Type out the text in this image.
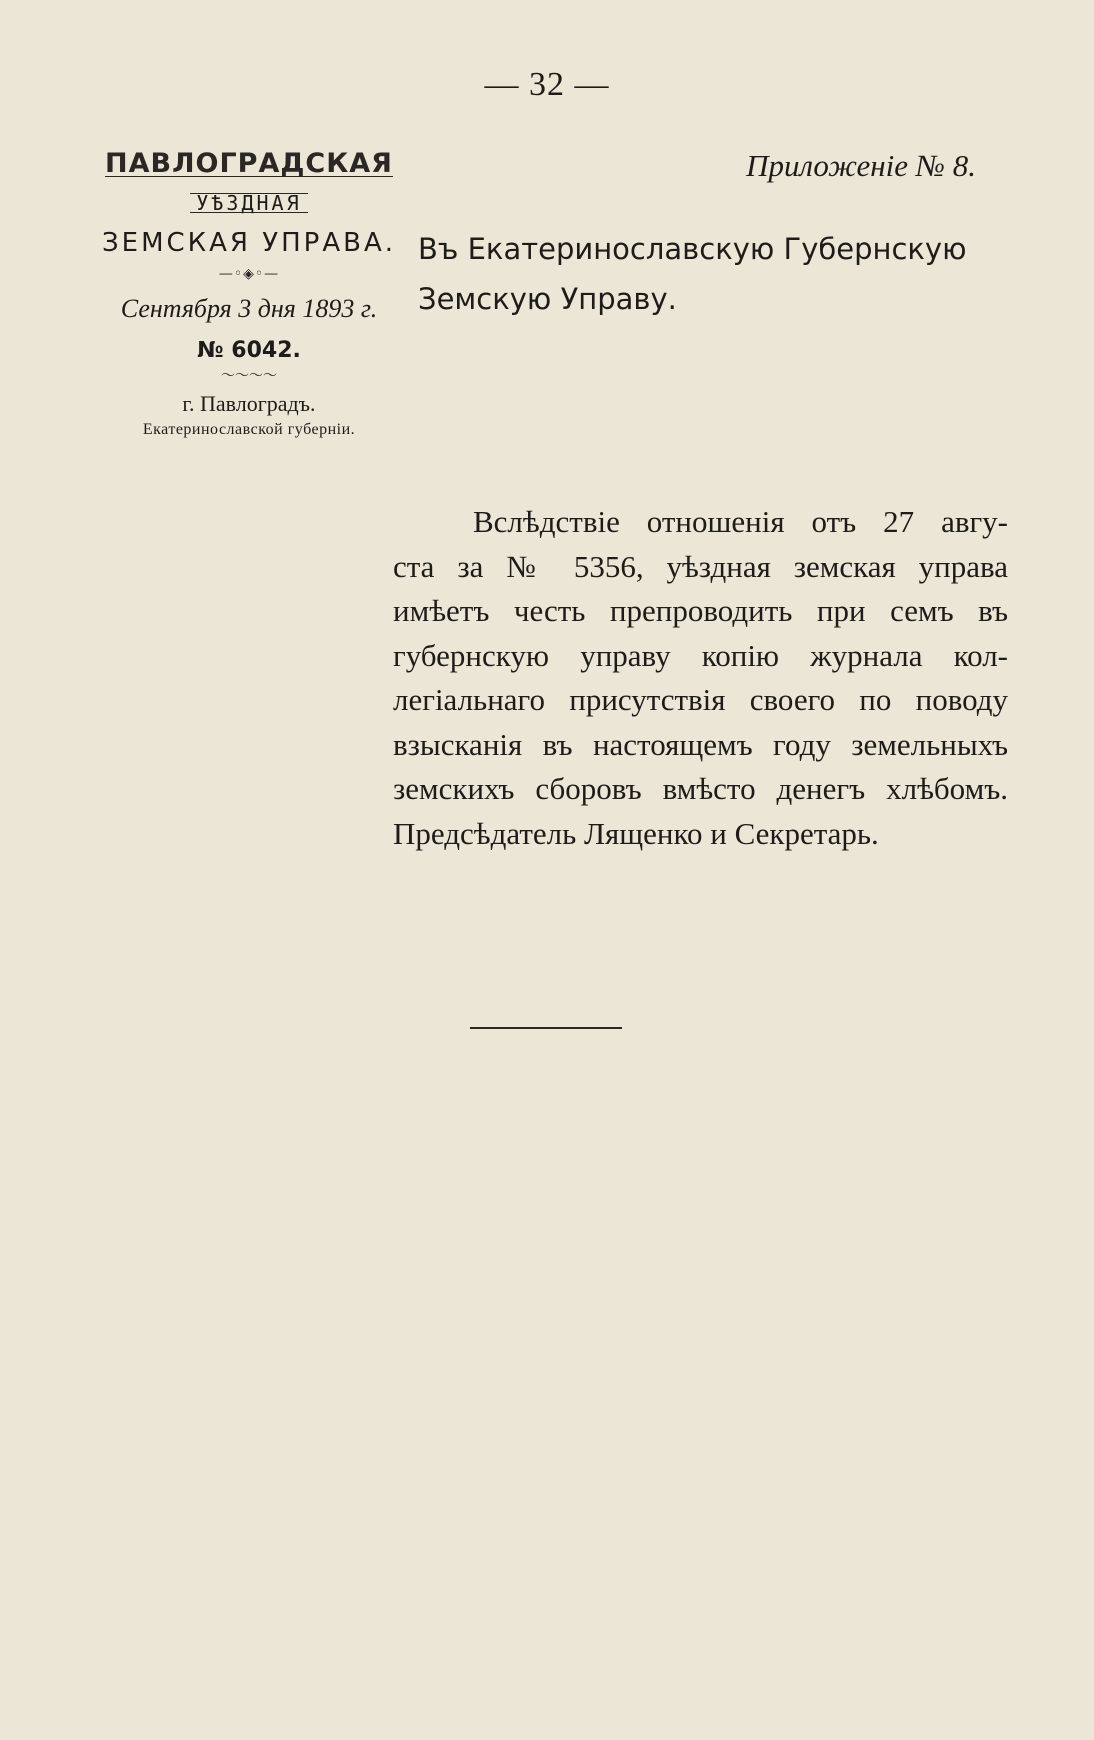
— 32 —
ПАВЛОГРАДСКАЯ
УѢЗДНАЯ
ЗЕМСКАЯ УПРАВА.
—◦◈◦—
Сентября 3 дня 1893 г.
№ 6042.
〜〜〜〜
г. Павлоградъ.
Екатеринославской губерніи.
Приложеніе № 8.
Въ Екатеринославскую Губернскую
Земскую Управу.
Вслѣдствіе отношенія отъ 27 авгу-
ста за № 5356, уѣздная земская управа
имѣетъ честь препроводить при семъ въ
губернскую управу копію журнала кол-
легіальнаго присутствія своего по поводу
взысканія въ настоящемъ году земельныхъ
земскихъ сборовъ вмѣсто денегъ хлѣбомъ.
Предсѣдатель Лященко и Секретарь.
